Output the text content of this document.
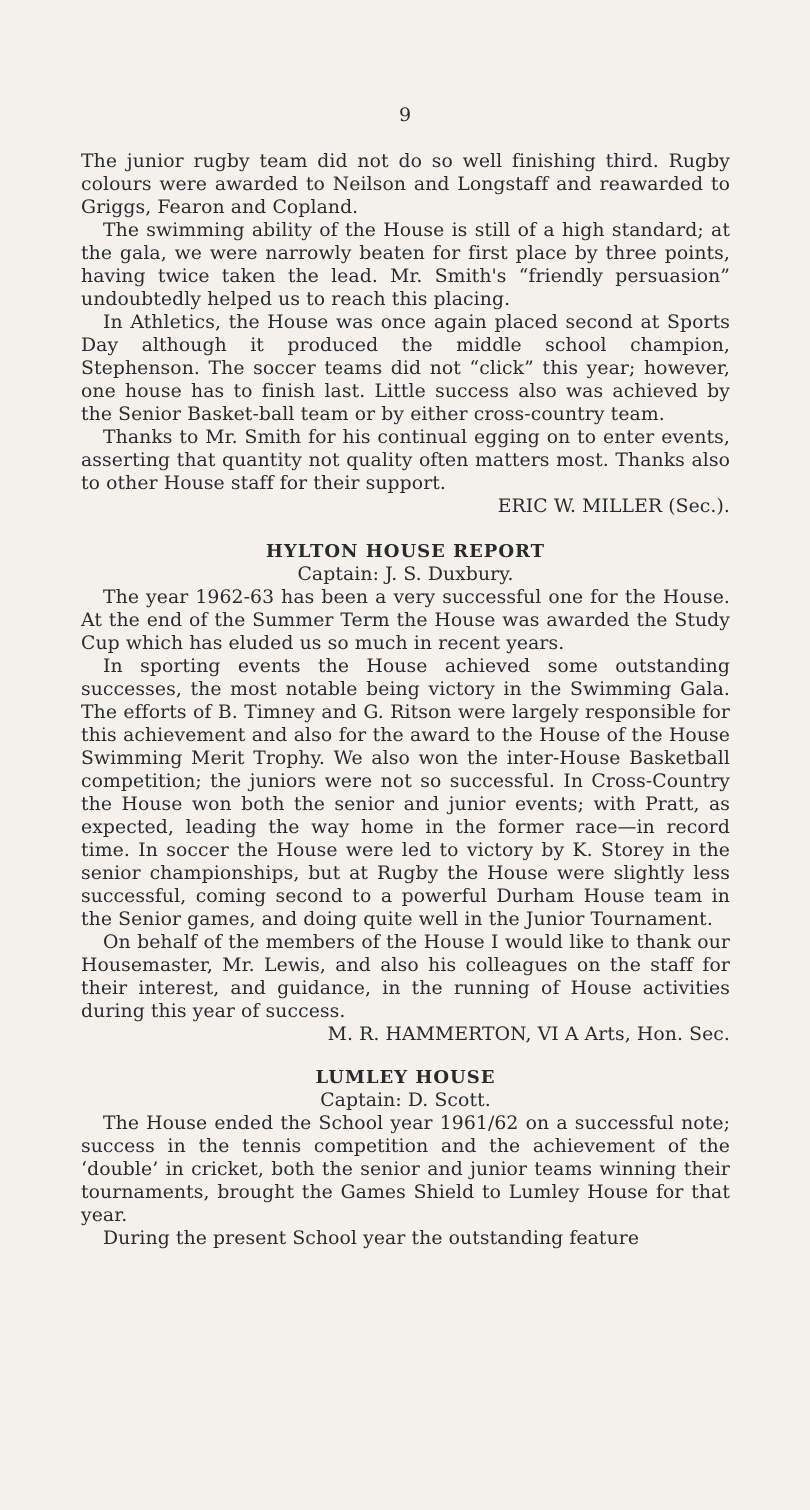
9

The junior rugby team did not do so well finishing third. Rugby colours were awarded to Neilson and Longstaff and reawarded to Griggs, Fearon and Copland.

The swimming ability of the House is still of a high standard; at the gala, we were narrowly beaten for first place by three points, having twice taken the lead. Mr. Smith's “friendly persuasion” undoubtedly helped us to reach this placing.

In Athletics, the House was once again placed second at Sports Day although it produced the middle school champion, Stephenson. The soccer teams did not “click” this year; however, one house has to finish last. Little success also was achieved by the Senior Basket-ball team or by either cross-country team.

Thanks to Mr. Smith for his continual egging on to enter events, asserting that quantity not quality often matters most. Thanks also to other House staff for their support.

ERIC W. MILLER (Sec.).

HYLTON HOUSE REPORT
Captain: J. S. Duxbury.

The year 1962-63 has been a very successful one for the House. At the end of the Summer Term the House was awarded the Study Cup which has eluded us so much in recent years.

In sporting events the House achieved some outstanding successes, the most notable being victory in the Swimming Gala. The efforts of B. Timney and G. Ritson were largely responsible for this achievement and also for the award to the House of the House Swimming Merit Trophy. We also won the inter-House Basketball competition; the juniors were not so successful. In Cross-Country the House won both the senior and junior events; with Pratt, as expected, leading the way home in the former race—in record time. In soccer the House were led to victory by K. Storey in the senior championships, but at Rugby the House were slightly less successful, coming second to a powerful Durham House team in the Senior games, and doing quite well in the Junior Tournament.

On behalf of the members of the House I would like to thank our Housemaster, Mr. Lewis, and also his colleagues on the staff for their interest, and guidance, in the running of House activities during this year of success.

M. R. HAMMERTON, VI A Arts, Hon. Sec.

LUMLEY HOUSE
Captain: D. Scott.

The House ended the School year 1961/62 on a successful note; success in the tennis competition and the achievement of the ‘double’ in cricket, both the senior and junior teams winning their tournaments, brought the Games Shield to Lumley House for that year.

During the present School year the outstanding feature
